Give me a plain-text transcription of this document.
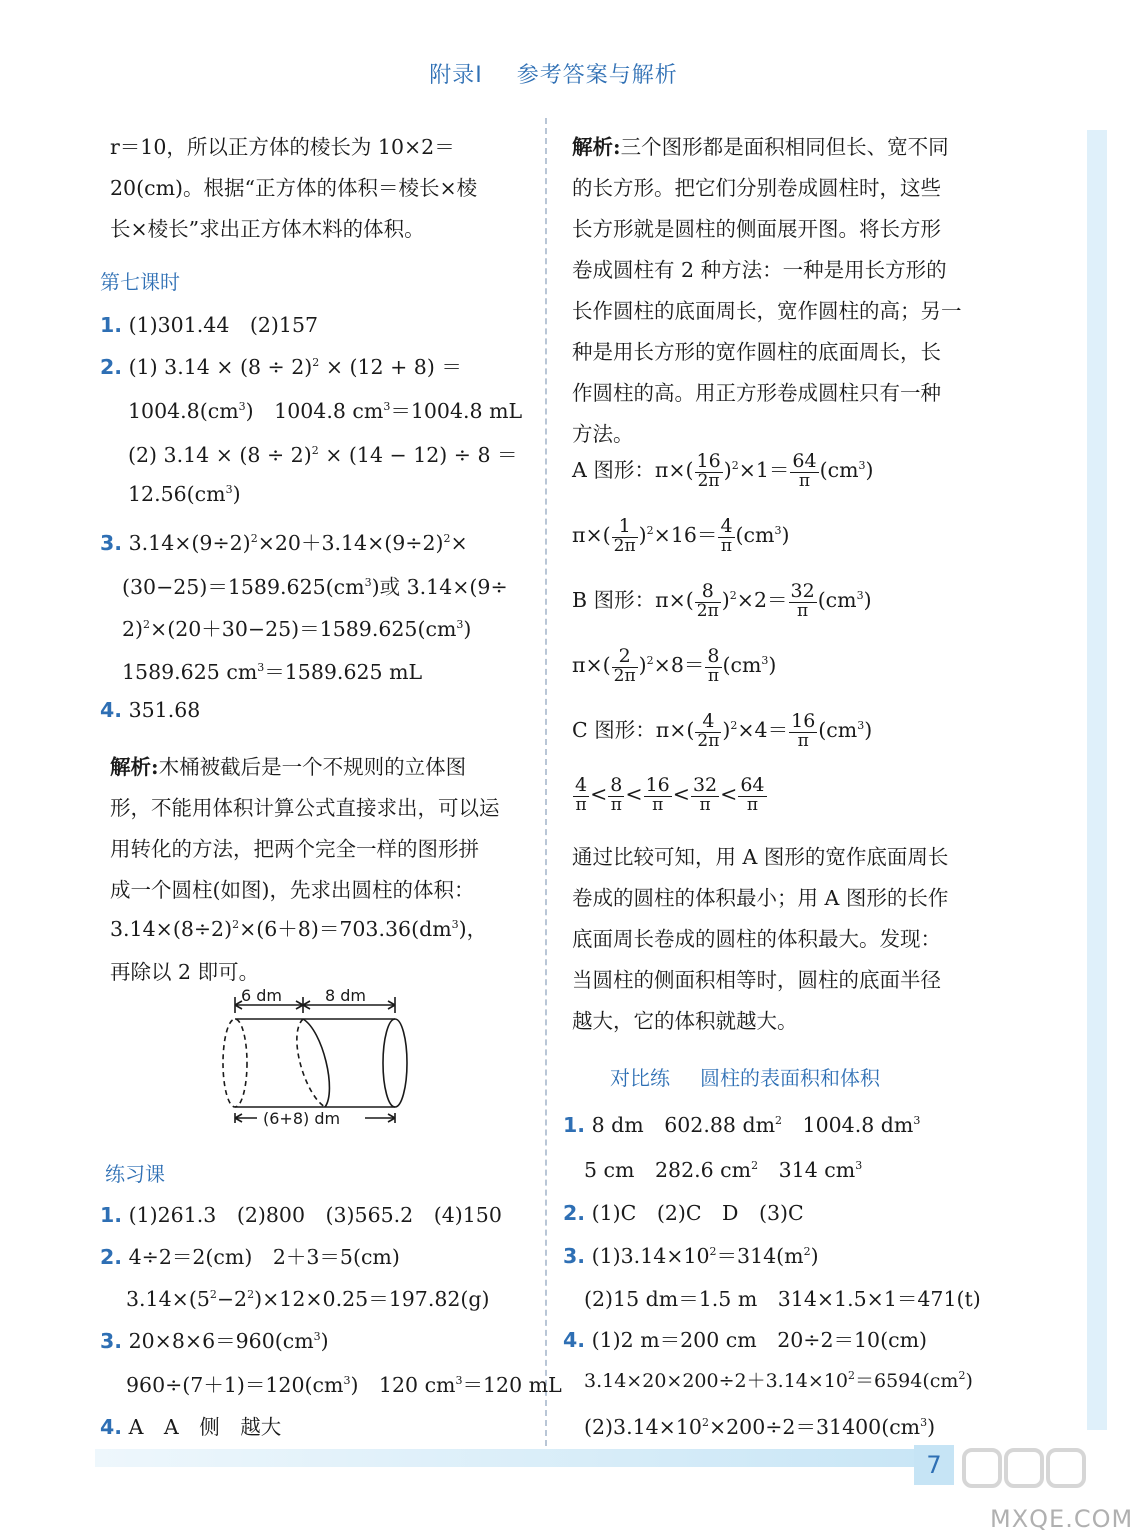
附录Ⅰ 参考答案与解析
r＝10，所以正方体的棱长为 10×2＝
20(cm)。根据“正方体的体积＝棱长×棱
长×棱长”求出正方体木料的体积。
第七课时
1. (1)301.44　(2)157
2. (1) $3.14 \times (8 \div 2)^2 \times (12 + 8)$ ＝
$1004.8(cm^3)$　1004.8 $cm^3=1004.8$ mL
(2) $3.14 \times (8 \div 2)^2 \times (14 - 12) \div 8$ ＝
$12.56(cm^3)$
3. $3.14\times(9\div 2)^2\times 20+3.14\times(9\div 2)^2\times$
$(30-25)=1589.625(cm^3)$或 3.14×(9÷
$2)^2\times(20+30-25)=1589.625(cm^3)$
1589.625 $cm^3=1589.625$ mL
4. 351.68
解析:木桶被截后是一个不规则的立体图
形，不能用体积计算公式直接求出，可以运
用转化的方法，把两个完全一样的图形拼
成一个圆柱(如图)，先求出圆柱的体积：
$3.14\times(8\div 2)^2\times(6+8)=703.36(dm^3)$，
再除以 2 即可。
6 dm	8 dm
(6+8) dm
练习课
1. (1)261.3　(2)800　(3)565.2　(4)150
2. 4÷2＝2(cm)　2＋3＝5(cm)
$3.14\times(5^2-2^2)\times 12\times 0.25=197.82(g)$
3. $20\times 8\times 6=960(cm^3)$
$960\div(7+1)=120(cm^3)$　120 $cm^3=120$ mL
4. A　A　侧　越大
解析:三个图形都是面积相同但长、宽不同
的长方形。把它们分别卷成圆柱时，这些
长方形就是圆柱的侧面展开图。将长方形
卷成圆柱有 2 种方法：一种是用长方形的
长作圆柱的底面周长，宽作圆柱的高；另一
种是用长方形的宽作圆柱的底面周长，长
作圆柱的高。用正方形卷成圆柱只有一种
方法。
A 图形：$\pi\times( \frac{16}{2\pi} )^2\times 1= \frac{64}{\pi} (cm^3)$
$\pi\times( \frac{1}{2\pi} )^2\times 16= \frac{4}{\pi} (cm^3)$
B 图形：$\pi\times( \frac{8}{2\pi} )^2\times 2= \frac{32}{\pi} (cm^3)$
$\pi\times( \frac{2}{2\pi} )^2\times 8= \frac{8}{\pi} (cm^3)$
C 图形：$\pi\times( \frac{4}{2\pi} )^2\times 4= \frac{16}{\pi} (cm^3)$
$\frac{4}{\pi} < \frac{8}{\pi} < \frac{16}{\pi} < \frac{32}{\pi} < \frac{64}{\pi}$
通过比较可知，用 A 图形的宽作底面周长
卷成的圆柱的体积最小；用 A 图形的长作
底面周长卷成的圆柱的体积最大。发现：
当圆柱的侧面积相等时，圆柱的底面半径
越大，它的体积就越大。
对比练 圆柱的表面积和体积
1. 8 dm　602.88 $dm^2$　1004.8 $dm^3$
5 cm　282.6 $cm^2$　314 $cm^3$
2. (1)C　(2)C　D　(3)C
3. $(1)3.14\times 10^2=314(m^2)$
(2)15 dm＝1.5 m　314×1.5×1＝471(t)
4. (1)2 m＝200 cm　20÷2＝10(cm)
$3.14\times 20\times 200\div 2+3.14\times 10^2=6594(cm^2)$
$(2)3.14\times 10^2\times 200\div 2=31400(cm^3)$
7
MXQE.COM
